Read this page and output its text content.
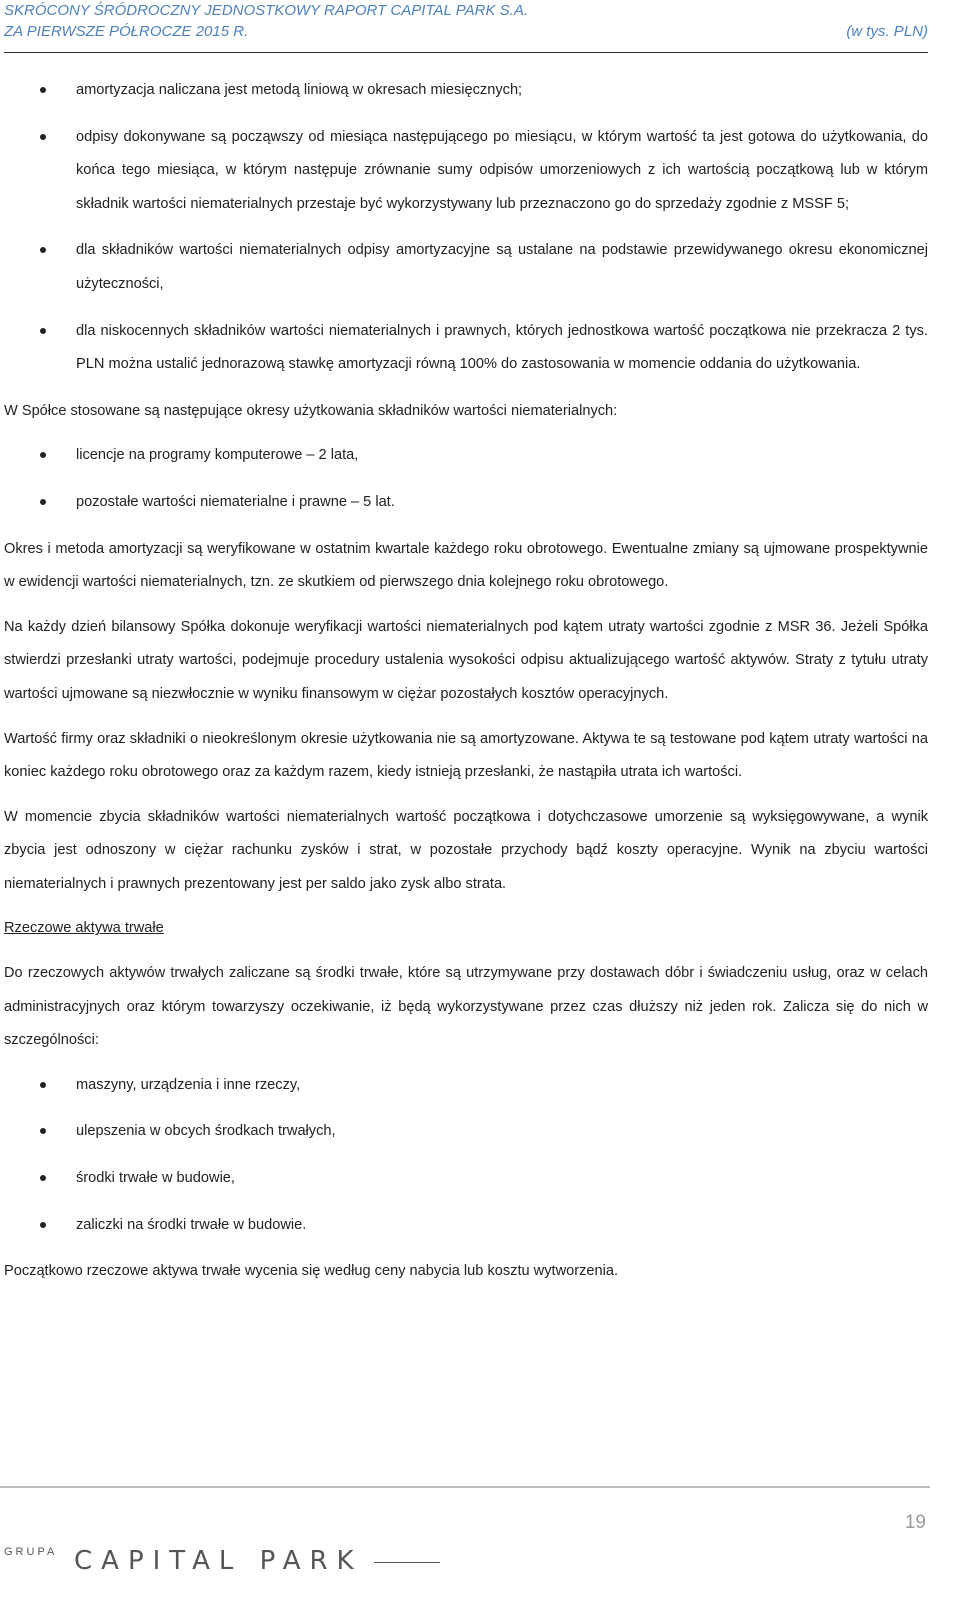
SKRÓCONY ŚRÓDROCZNY JEDNOSTKOWY RAPORT CAPITAL PARK S.A.
ZA PIERWSZE PÓŁROCZE 2015 R.	(w tys. PLN)
amortyzacja naliczana jest metodą liniową w okresach miesięcznych;
odpisy dokonywane są począwszy od miesiąca następującego po miesiącu, w którym wartość ta jest gotowa do użytkowania, do końca tego miesiąca, w którym następuje zrównanie sumy odpisów umorzeniowych z ich wartością początkową lub w którym składnik wartości niematerialnych przestaje być wykorzystywany lub przeznaczono go do sprzedaży zgodnie z MSSF 5;
dla składników wartości niematerialnych odpisy amortyzacyjne są ustalane na podstawie przewidywanego okresu ekonomicznej użyteczności,
dla niskocennych składników wartości niematerialnych i prawnych, których jednostkowa wartość początkowa nie przekracza 2 tys. PLN można ustalić jednorazową stawkę amortyzacji równą 100% do zastosowania w momencie oddania do użytkowania.

W Spółce stosowane są następujące okresy użytkowania składników wartości niematerialnych:

licencje na programy komputerowe – 2 lata,
pozostałe wartości niematerialne i prawne – 5 lat.

Okres i metoda amortyzacji są weryfikowane w ostatnim kwartale każdego roku obrotowego. Ewentualne zmiany są ujmowane prospektywnie w ewidencji wartości niematerialnych, tzn. ze skutkiem od pierwszego dnia kolejnego roku obrotowego.

Na każdy dzień bilansowy Spółka dokonuje weryfikacji wartości niematerialnych pod kątem utraty wartości zgodnie z MSR 36. Jeżeli Spółka stwierdzi przesłanki utraty wartości, podejmuje procedury ustalenia wysokości odpisu aktualizującego wartość aktywów. Straty z tytułu utraty wartości ujmowane są niezwłocznie w wyniku finansowym w ciężar pozostałych kosztów operacyjnych.

Wartość firmy oraz składniki o nieokreślonym okresie użytkowania nie są amortyzowane. Aktywa te są testowane pod kątem utraty wartości na koniec każdego roku obrotowego oraz za każdym razem, kiedy istnieją przesłanki, że nastąpiła utrata ich wartości.

W momencie zbycia składników wartości niematerialnych wartość początkowa i dotychczasowe umorzenie są wyksięgowywane, a wynik zbycia jest odnoszony w ciężar rachunku zysków i strat, w pozostałe przychody bądź koszty operacyjne. Wynik na zbyciu wartości niematerialnych i prawnych prezentowany jest per saldo jako zysk albo strata.

Rzeczowe aktywa trwałe

Do rzeczowych aktywów trwałych zaliczane są środki trwałe, które są utrzymywane przy dostawach dóbr i świadczeniu usług, oraz w celach administracyjnych oraz którym towarzyszy oczekiwanie, iż będą wykorzystywane przez czas dłuższy niż jeden rok. Zalicza się do nich w szczególności:

maszyny, urządzenia i inne rzeczy,
ulepszenia w obcych środkach trwałych,
środki trwałe w budowie,
zaliczki na środki trwałe w budowie.

Początkowo rzeczowe aktywa trwałe wycenia się według ceny nabycia lub kosztu wytworzenia.

19
GRUPA CAPITAL PARK
